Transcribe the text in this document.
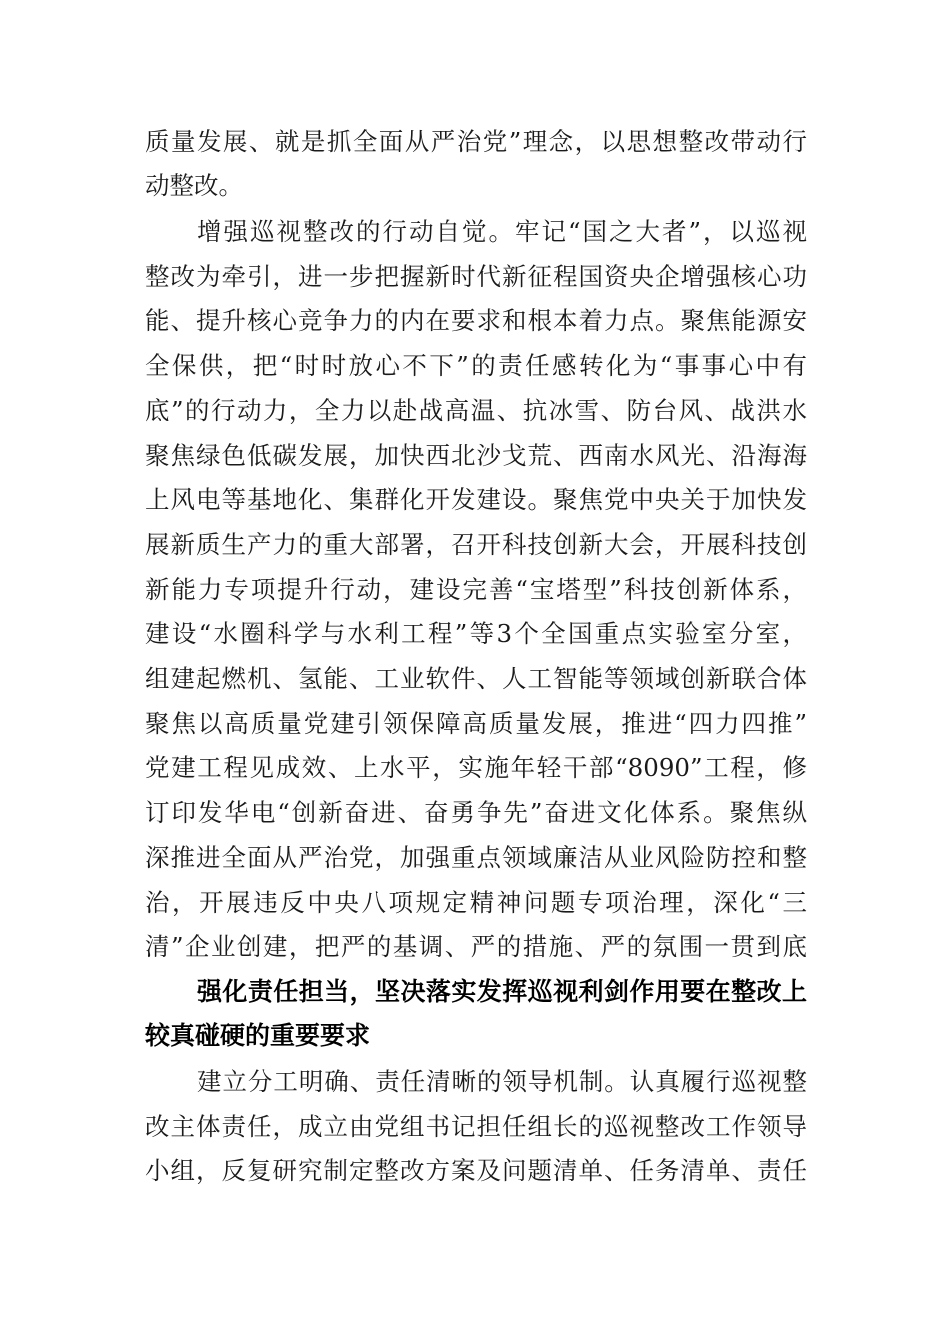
质量发展、就是抓全面从严治党”理念，以思想整改带动行
动整改。
增强巡视整改的行动自觉。牢记“国之大者”，以巡视
整改为牵引，进一步把握新时代新征程国资央企增强核心功
能、提升核心竞争力的内在要求和根本着力点。聚焦能源安
全保供，把“时时放心不下”的责任感转化为“事事心中有
底”的行动力，全力以赴战高温、抗冰雪、防台风、战洪水
聚焦绿色低碳发展，加快西北沙戈荒、西南水风光、沿海海
上风电等基地化、集群化开发建设。聚焦党中央关于加快发
展新质生产力的重大部署，召开科技创新大会，开展科技创
新能力专项提升行动，建设完善“宝塔型”科技创新体系，
建设“水圈科学与水利工程”等3个全国重点实验室分室，
组建起燃机、氢能、工业软件、人工智能等领域创新联合体
聚焦以高质量党建引领保障高质量发展，推进“四力四推”
党建工程见成效、上水平，实施年轻干部“8090”工程，修
订印发华电“创新奋进、奋勇争先”奋进文化体系。聚焦纵
深推进全面从严治党，加强重点领域廉洁从业风险防控和整
治，开展违反中央八项规定精神问题专项治理，深化“三
清”企业创建，把严的基调、严的措施、严的氛围一贯到底
强化责任担当，坚决落实发挥巡视利剑作用要在整改上
较真碰硬的重要要求
建立分工明确、责任清晰的领导机制。认真履行巡视整
改主体责任，成立由党组书记担任组长的巡视整改工作领导
小组，反复研究制定整改方案及问题清单、任务清单、责任
